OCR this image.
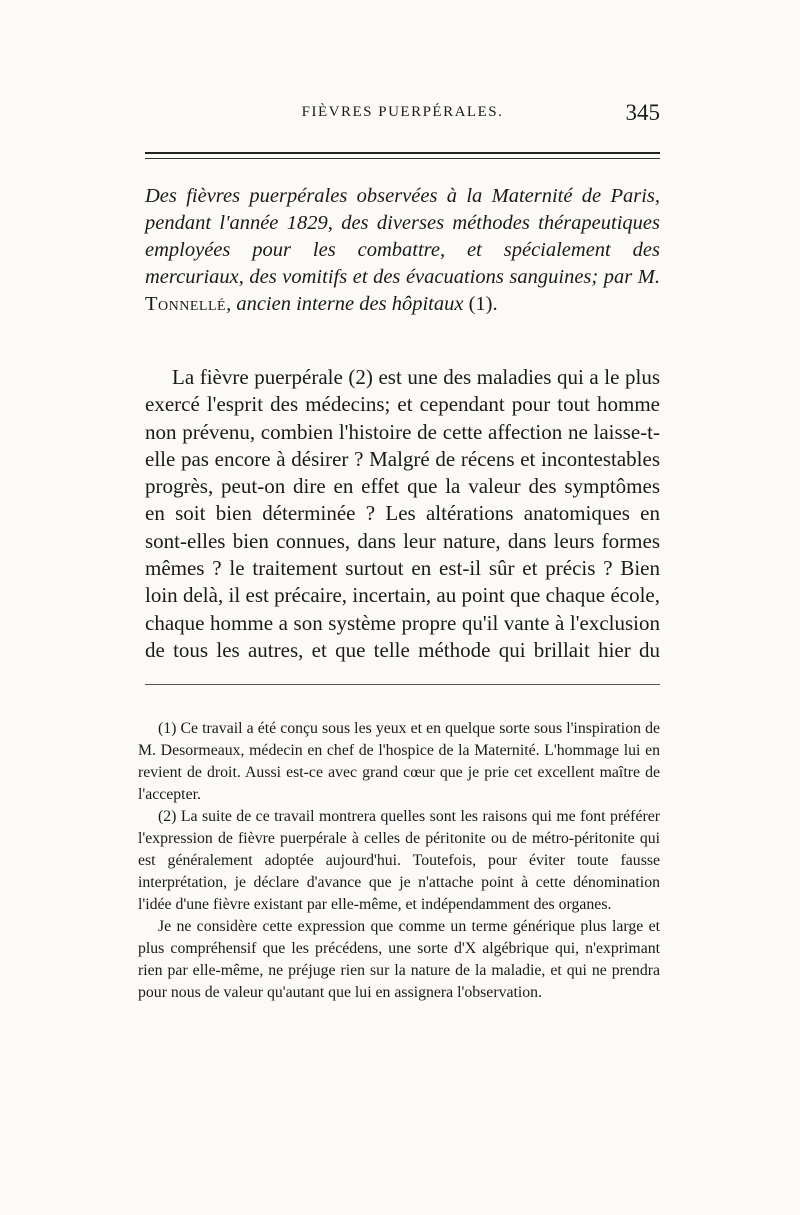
FIÈVRES PUERPÉRALES.	345
Des fièvres puerpérales observées à la Maternité de Paris, pendant l'année 1829, des diverses méthodes thérapeutiques employées pour les combattre, et spécialement des mercuriaux, des vomitifs et des évacuations sanguines; par M. Tonnellé, ancien interne des hôpitaux (1).

La fièvre puerpérale (2) est une des maladies qui a le plus exercé l'esprit des médecins; et cependant pour tout homme non prévenu, combien l'histoire de cette affection ne laisse-t-elle pas encore à désirer ? Malgré de récens et incontestables progrès, peut-on dire en effet que la valeur des symptômes en soit bien déterminée ? Les altérations anatomiques en sont-elles bien connues, dans leur nature, dans leurs formes mêmes ? le traitement surtout en est-il sûr et précis ? Bien loin delà, il est précaire, incertain, au point que chaque école, chaque homme a son système propre qu'il vante à l'exclusion de tous les autres, et que telle méthode qui brillait hier du

(1) Ce travail a été conçu sous les yeux et en quelque sorte sous l'inspiration de M. Desormeaux, médecin en chef de l'hospice de la Maternité. L'hommage lui en revient de droit. Aussi est-ce avec grand cœur que je prie cet excellent maître de l'accepter.

(2) La suite de ce travail montrera quelles sont les raisons qui me font préférer l'expression de fièvre puerpérale à celles de péritonite ou de métro-péritonite qui est généralement adoptée aujourd'hui. Toutefois, pour éviter toute fausse interprétation, je déclare d'avance que je n'attache point à cette dénomination l'idée d'une fièvre existant par elle-même, et indépendamment des organes.

Je ne considère cette expression que comme un terme générique plus large et plus compréhensif que les précédens, une sorte d'X algébrique qui, n'exprimant rien par elle-même, ne préjuge rien sur la nature de la maladie, et qui ne prendra pour nous de valeur qu'autant que lui en assignera l'observation.
